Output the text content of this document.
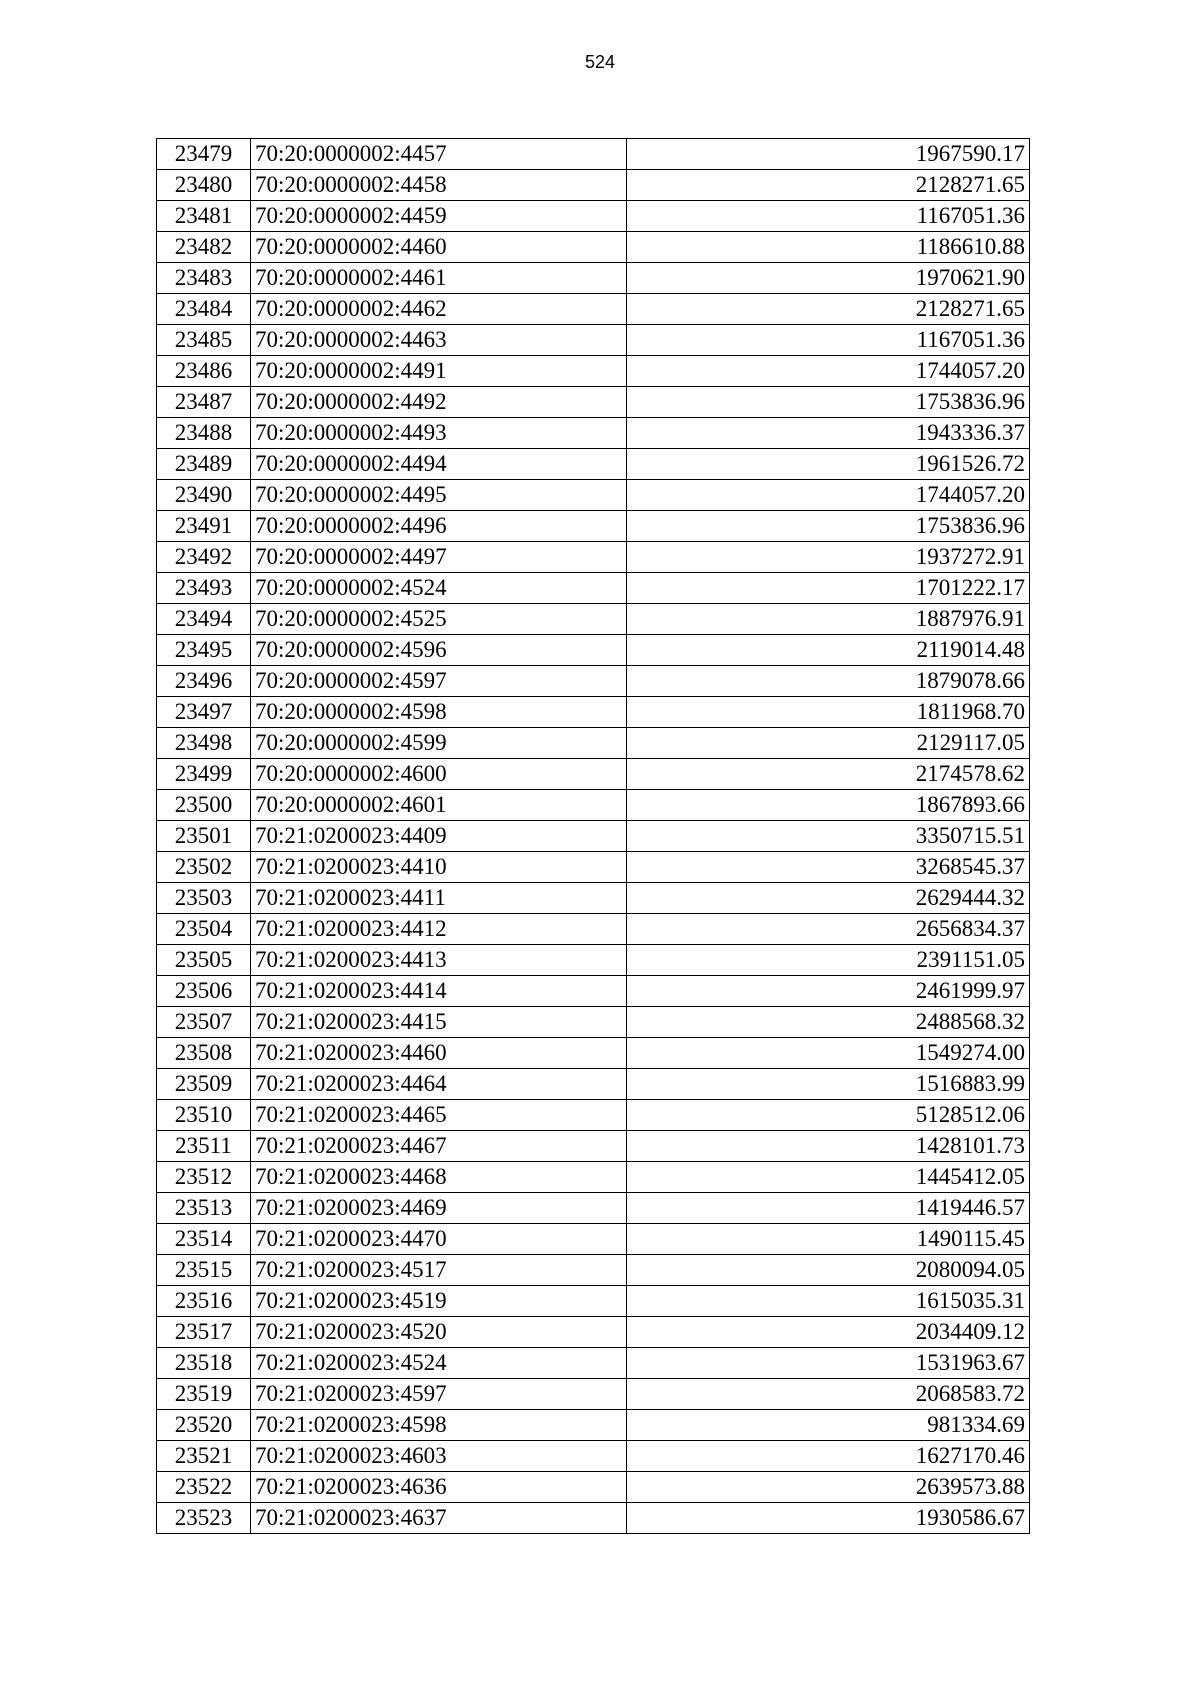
524
23479	70:20:0000002:4457	1967590.17
23480	70:20:0000002:4458	2128271.65
23481	70:20:0000002:4459	1167051.36
23482	70:20:0000002:4460	1186610.88
23483	70:20:0000002:4461	1970621.90
23484	70:20:0000002:4462	2128271.65
23485	70:20:0000002:4463	1167051.36
23486	70:20:0000002:4491	1744057.20
23487	70:20:0000002:4492	1753836.96
23488	70:20:0000002:4493	1943336.37
23489	70:20:0000002:4494	1961526.72
23490	70:20:0000002:4495	1744057.20
23491	70:20:0000002:4496	1753836.96
23492	70:20:0000002:4497	1937272.91
23493	70:20:0000002:4524	1701222.17
23494	70:20:0000002:4525	1887976.91
23495	70:20:0000002:4596	2119014.48
23496	70:20:0000002:4597	1879078.66
23497	70:20:0000002:4598	1811968.70
23498	70:20:0000002:4599	2129117.05
23499	70:20:0000002:4600	2174578.62
23500	70:20:0000002:4601	1867893.66
23501	70:21:0200023:4409	3350715.51
23502	70:21:0200023:4410	3268545.37
23503	70:21:0200023:4411	2629444.32
23504	70:21:0200023:4412	2656834.37
23505	70:21:0200023:4413	2391151.05
23506	70:21:0200023:4414	2461999.97
23507	70:21:0200023:4415	2488568.32
23508	70:21:0200023:4460	1549274.00
23509	70:21:0200023:4464	1516883.99
23510	70:21:0200023:4465	5128512.06
23511	70:21:0200023:4467	1428101.73
23512	70:21:0200023:4468	1445412.05
23513	70:21:0200023:4469	1419446.57
23514	70:21:0200023:4470	1490115.45
23515	70:21:0200023:4517	2080094.05
23516	70:21:0200023:4519	1615035.31
23517	70:21:0200023:4520	2034409.12
23518	70:21:0200023:4524	1531963.67
23519	70:21:0200023:4597	2068583.72
23520	70:21:0200023:4598	981334.69
23521	70:21:0200023:4603	1627170.46
23522	70:21:0200023:4636	2639573.88
23523	70:21:0200023:4637	1930586.67
